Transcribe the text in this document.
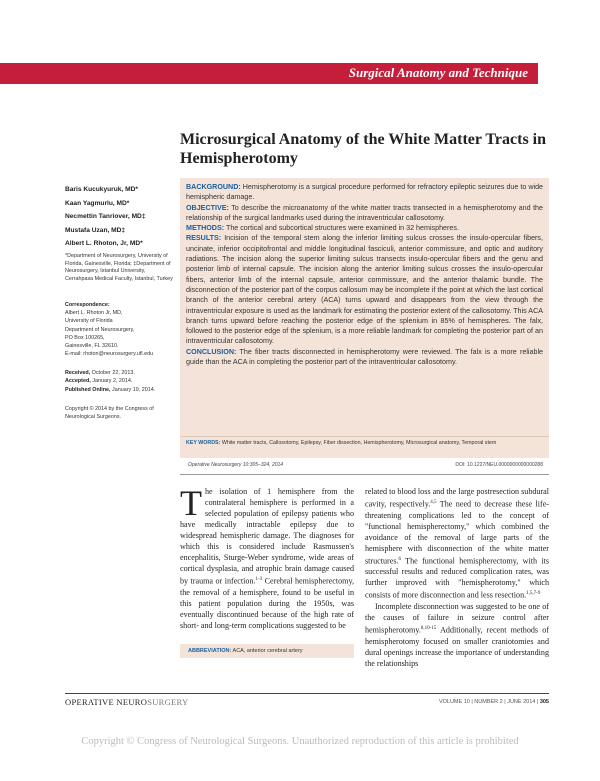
Surgical Anatomy and Technique
Microsurgical Anatomy of the White Matter Tracts in Hemispherotomy
Baris Kucukyuruk, MD*
Kaan Yagmurlu, MD*
Necmettin Tanriover, MD‡
Mustafa Uzan, MD‡
Albert L. Rhoton, Jr, MD*
*Department of Neurosurgery, University of Florida, Gainesville, Florida; ‡Department of Neurosurgery, Istanbul University, Cerrahpasa Medical Faculty, Istanbul, Turkey
Correspondence:
Albert L. Rhoton Jr, MD,
University of Florida
Department of Neurosurgery,
PO Box 100265,
Gainesville, FL 32610.
E-mail: rhoton@neurosurgery.ufl.edu
Received, October 22, 2013.
Accepted, January 2, 2014.
Published Online, January 19, 2014.
Copyright © 2014 by the Congress of Neurological Surgeons.

BACKGROUND: Hemispherotomy is a surgical procedure performed for refractory epileptic seizures due to wide hemispheric damage.

OBJECTIVE: To describe the microanatomy of the white matter tracts transected in a hemispherotomy and the relationship of the surgical landmarks used during the intraventricular callosotomy.

METHODS: The cortical and subcortical structures were examined in 32 hemispheres.

RESULTS: Incision of the temporal stem along the inferior limiting sulcus crosses the insulo-opercular fibers, uncinate, inferior occipitofrontal and middle longitudinal fasciculi, anterior commissure, and optic and auditory radiations. The incision along the superior limiting sulcus transects insulo-opercular fibers and the genu and posterior limb of internal capsule. The incision along the anterior limiting sulcus crosses the insulo-opercular fibers, anterior limb of the internal capsule, anterior commissure, and the anterior thalamic bundle. The disconnection of the posterior part of the corpus callosum may be incomplete if the point at which the last cortical branch of the anterior cerebral artery (ACA) turns upward and disappears from the view through the intraventricular exposure is used as the landmark for estimating the posterior extent of the callosotomy. This ACA branch turns upward before reaching the posterior edge of the splenium in 85% of hemispheres. The falx, followed to the posterior edge of the splenium, is a more reliable landmark for completing the posterior part of an intraventricular callosotomy.

CONCLUSION: The fiber tracts disconnected in hemispherotomy were reviewed. The falx is a more reliable guide than the ACA in completing the posterior part of the intraventricular callosotomy.

KEY WORDS: White matter tracts, Callosotomy, Epilepsy, Fiber dissection, Hemispherotomy, Microsurgical anatomy, Temporal stem
Operative Neurosurgery 10:305–324, 2014	DOI: 10.1227/NEU.0000000000000288

The isolation of 1 hemisphere from the contralateral hemisphere is performed in a selected population of epilepsy patients who have medically intractable epilepsy due to widespread hemispheric damage. The diagnoses for which this is considered include Rasmussen's encephalitis, Sturge-Weber syndrome, wide areas of cortical dysplasia, and atrophic brain damage caused by trauma or infection.$^{1-3}$ Cerebral hemispherectomy, the removal of a hemisphere, found to be useful in this patient population during the 1950s, was eventually discontinued because of the high rate of short- and long-term complications suggested to be

ABBREVIATION: ACA, anterior cerebral artery

related to blood loss and the large postresection subdural cavity, respectively.$^{4,5}$ The need to decrease these life-threatening complications led to the concept of "functional hemispherectomy," which combined the avoidance of the removal of large parts of the hemisphere with disconnection of the white matter structures.$^6$ The functional hemispherectomy, with its successful results and reduced complication rates, was further improved with "hemispherotomy," which consists of more disconnection and less resection.$^{1,5,7-9}$

Incomplete disconnection was suggested to be one of the causes of failure in seizure control after hemispherotomy.$^{8,10-15}$ Additionally, recent methods of hemispherotomy focused on smaller craniotomies and dural openings increase the importance of understanding the relationships

OPERATIVE NEUROSURGERY	VOLUME 10 | NUMBER 2 | JUNE 2014 | 305
Copyright © Congress of Neurological Surgeons. Unauthorized reproduction of this article is prohibited
